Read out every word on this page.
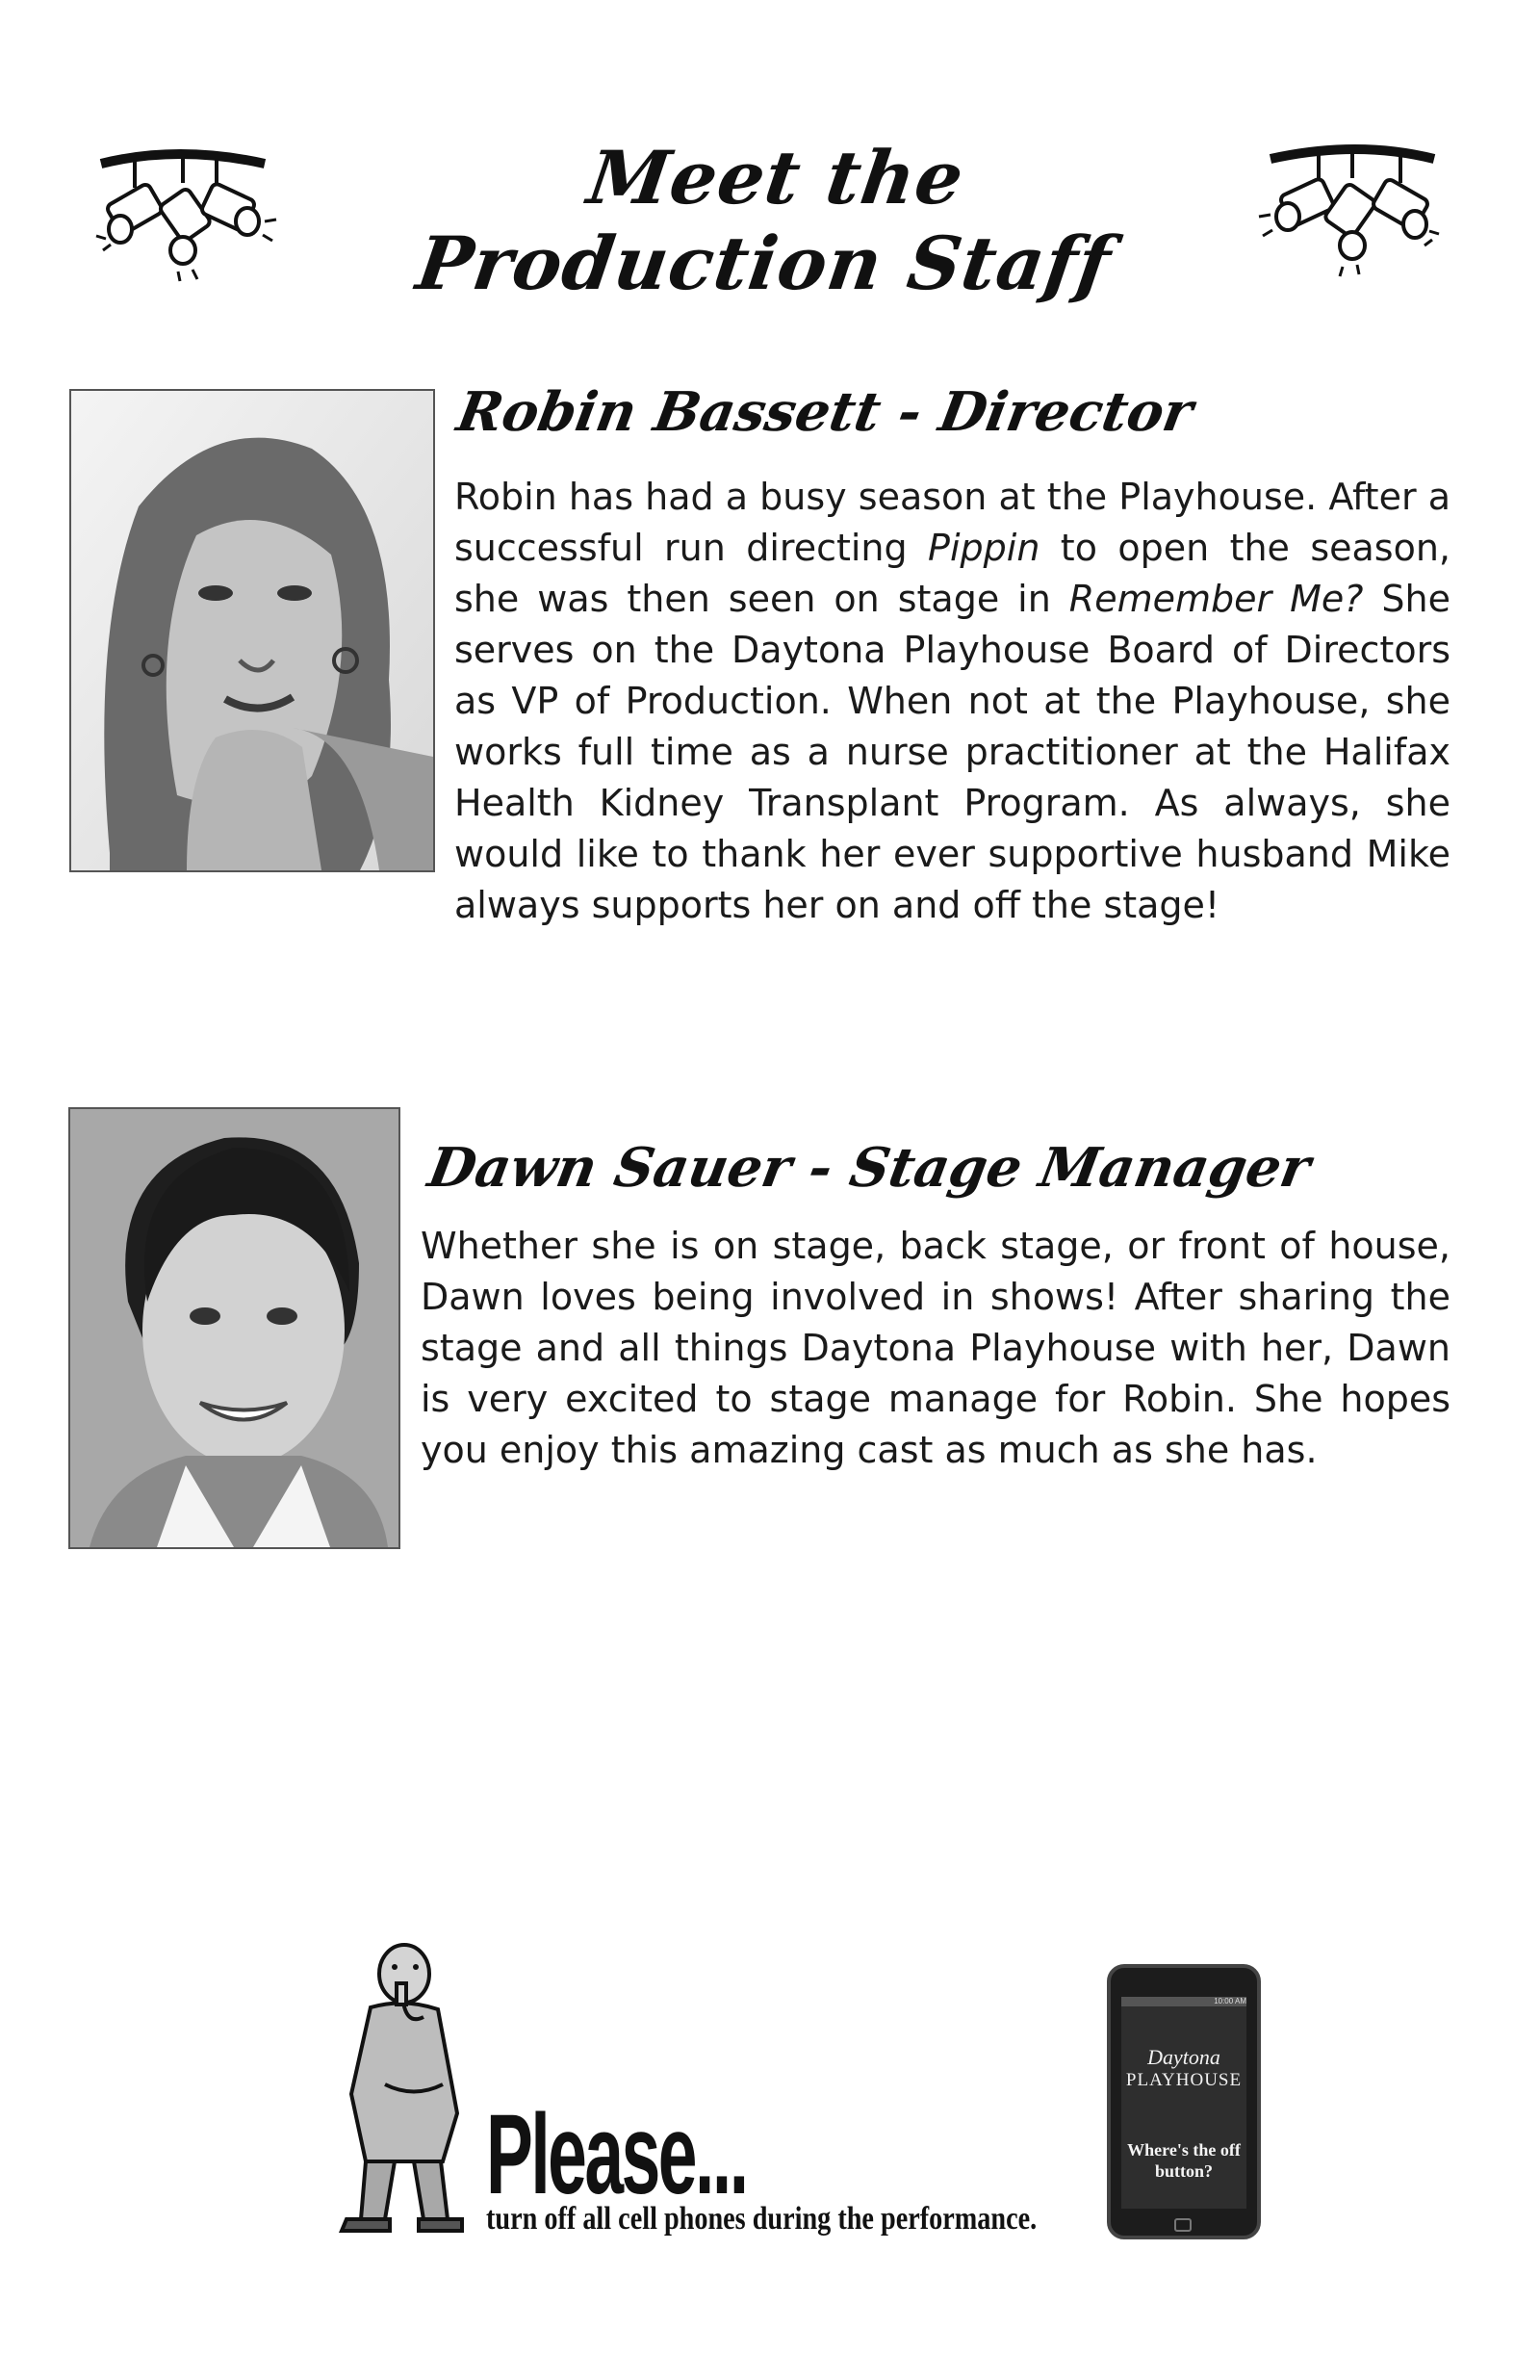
Meet the Production Staff
Robin Bassett - Director
Robin has had a busy season at the Playhouse. After a successful run directing Pippin to open the season, she was then seen on stage in Remember Me? She serves on the Daytona Playhouse Board of Directors as VP of Production. When not at the Playhouse, she works full time as a nurse practitioner at the Halifax Health Kidney Transplant Program. As always, she would like to thank her ever supportive husband Mike always supports her on and off the stage!
Dawn Sauer - Stage Manager
Whether she is on stage, back stage, or front of house, Dawn loves being involved in shows! After sharing the stage and all things Daytona Playhouse with her, Dawn is very excited to stage manage for Robin. She hopes you enjoy this amazing cast as much as she has.
Please...
turn off all cell phones during the performance.
10:00 AM
Daytona
PLAYHOUSE
Where's the off button?
